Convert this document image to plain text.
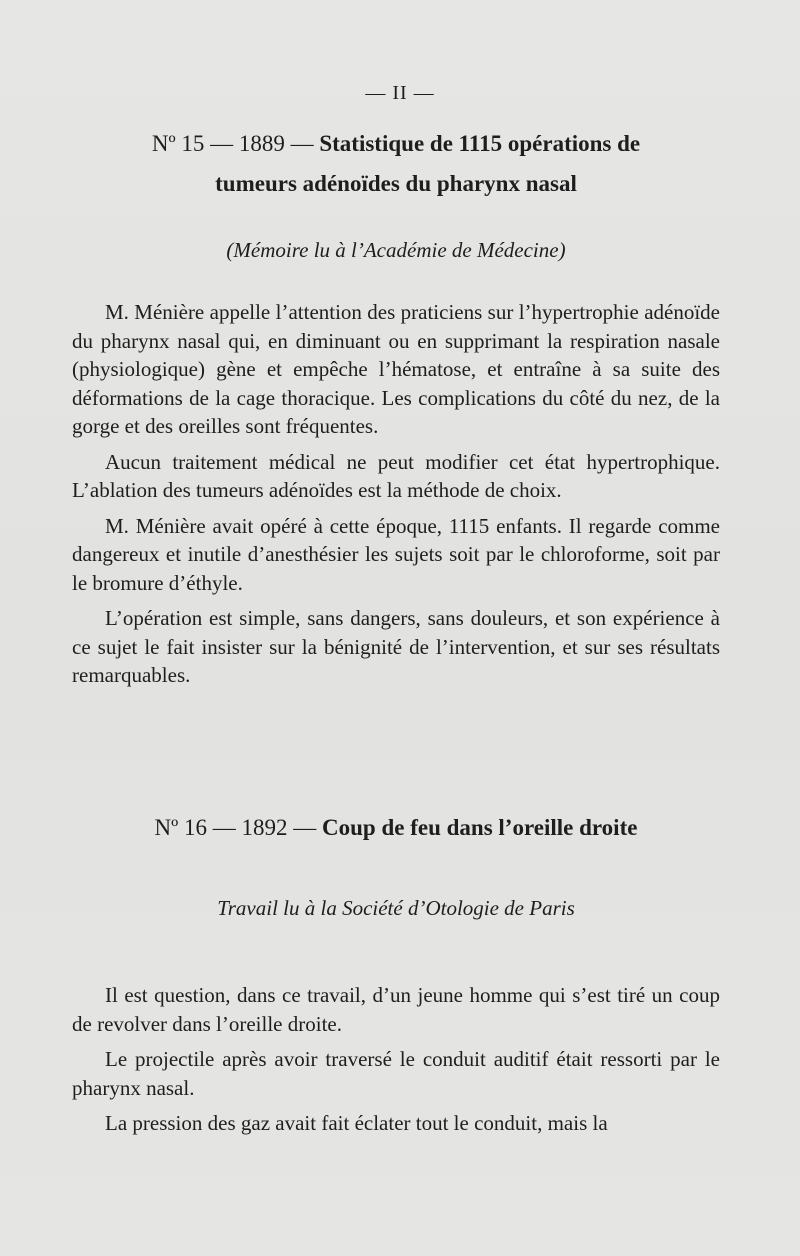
— II —
Nº 15 — 1889 — Statistique de 1115 opérations de
tumeurs adénoïdes du pharynx nasal

(Mémoire lu à l’Académie de Médecine)

M. Ménière appelle l’attention des praticiens sur l’hypertrophie adénoïde du pharynx nasal qui, en diminuant ou en supprimant la respiration nasale (physiologique) gène et empêche l’hématose, et entraîne à sa suite des déformations de la cage thoracique. Les complications du côté du nez, de la gorge et des oreilles sont fréquentes.

Aucun traitement médical ne peut modifier cet état hypertrophique. L’ablation des tumeurs adénoïdes est la méthode de choix.

M. Ménière avait opéré à cette époque, 1115 enfants. Il regarde comme dangereux et inutile d’anesthésier les sujets soit par le chloroforme, soit par le bromure d’éthyle.

L’opération est simple, sans dangers, sans douleurs, et son expérience à ce sujet le fait insister sur la bénignité de l’intervention, et sur ses résultats remarquables.

Nº 16 — 1892 — Coup de feu dans l’oreille droite

Travail lu à la Société d’Otologie de Paris

Il est question, dans ce travail, d’un jeune homme qui s’est tiré un coup de revolver dans l’oreille droite.

Le projectile après avoir traversé le conduit auditif était ressorti par le pharynx nasal.

La pression des gaz avait fait éclater tout le conduit, mais la
